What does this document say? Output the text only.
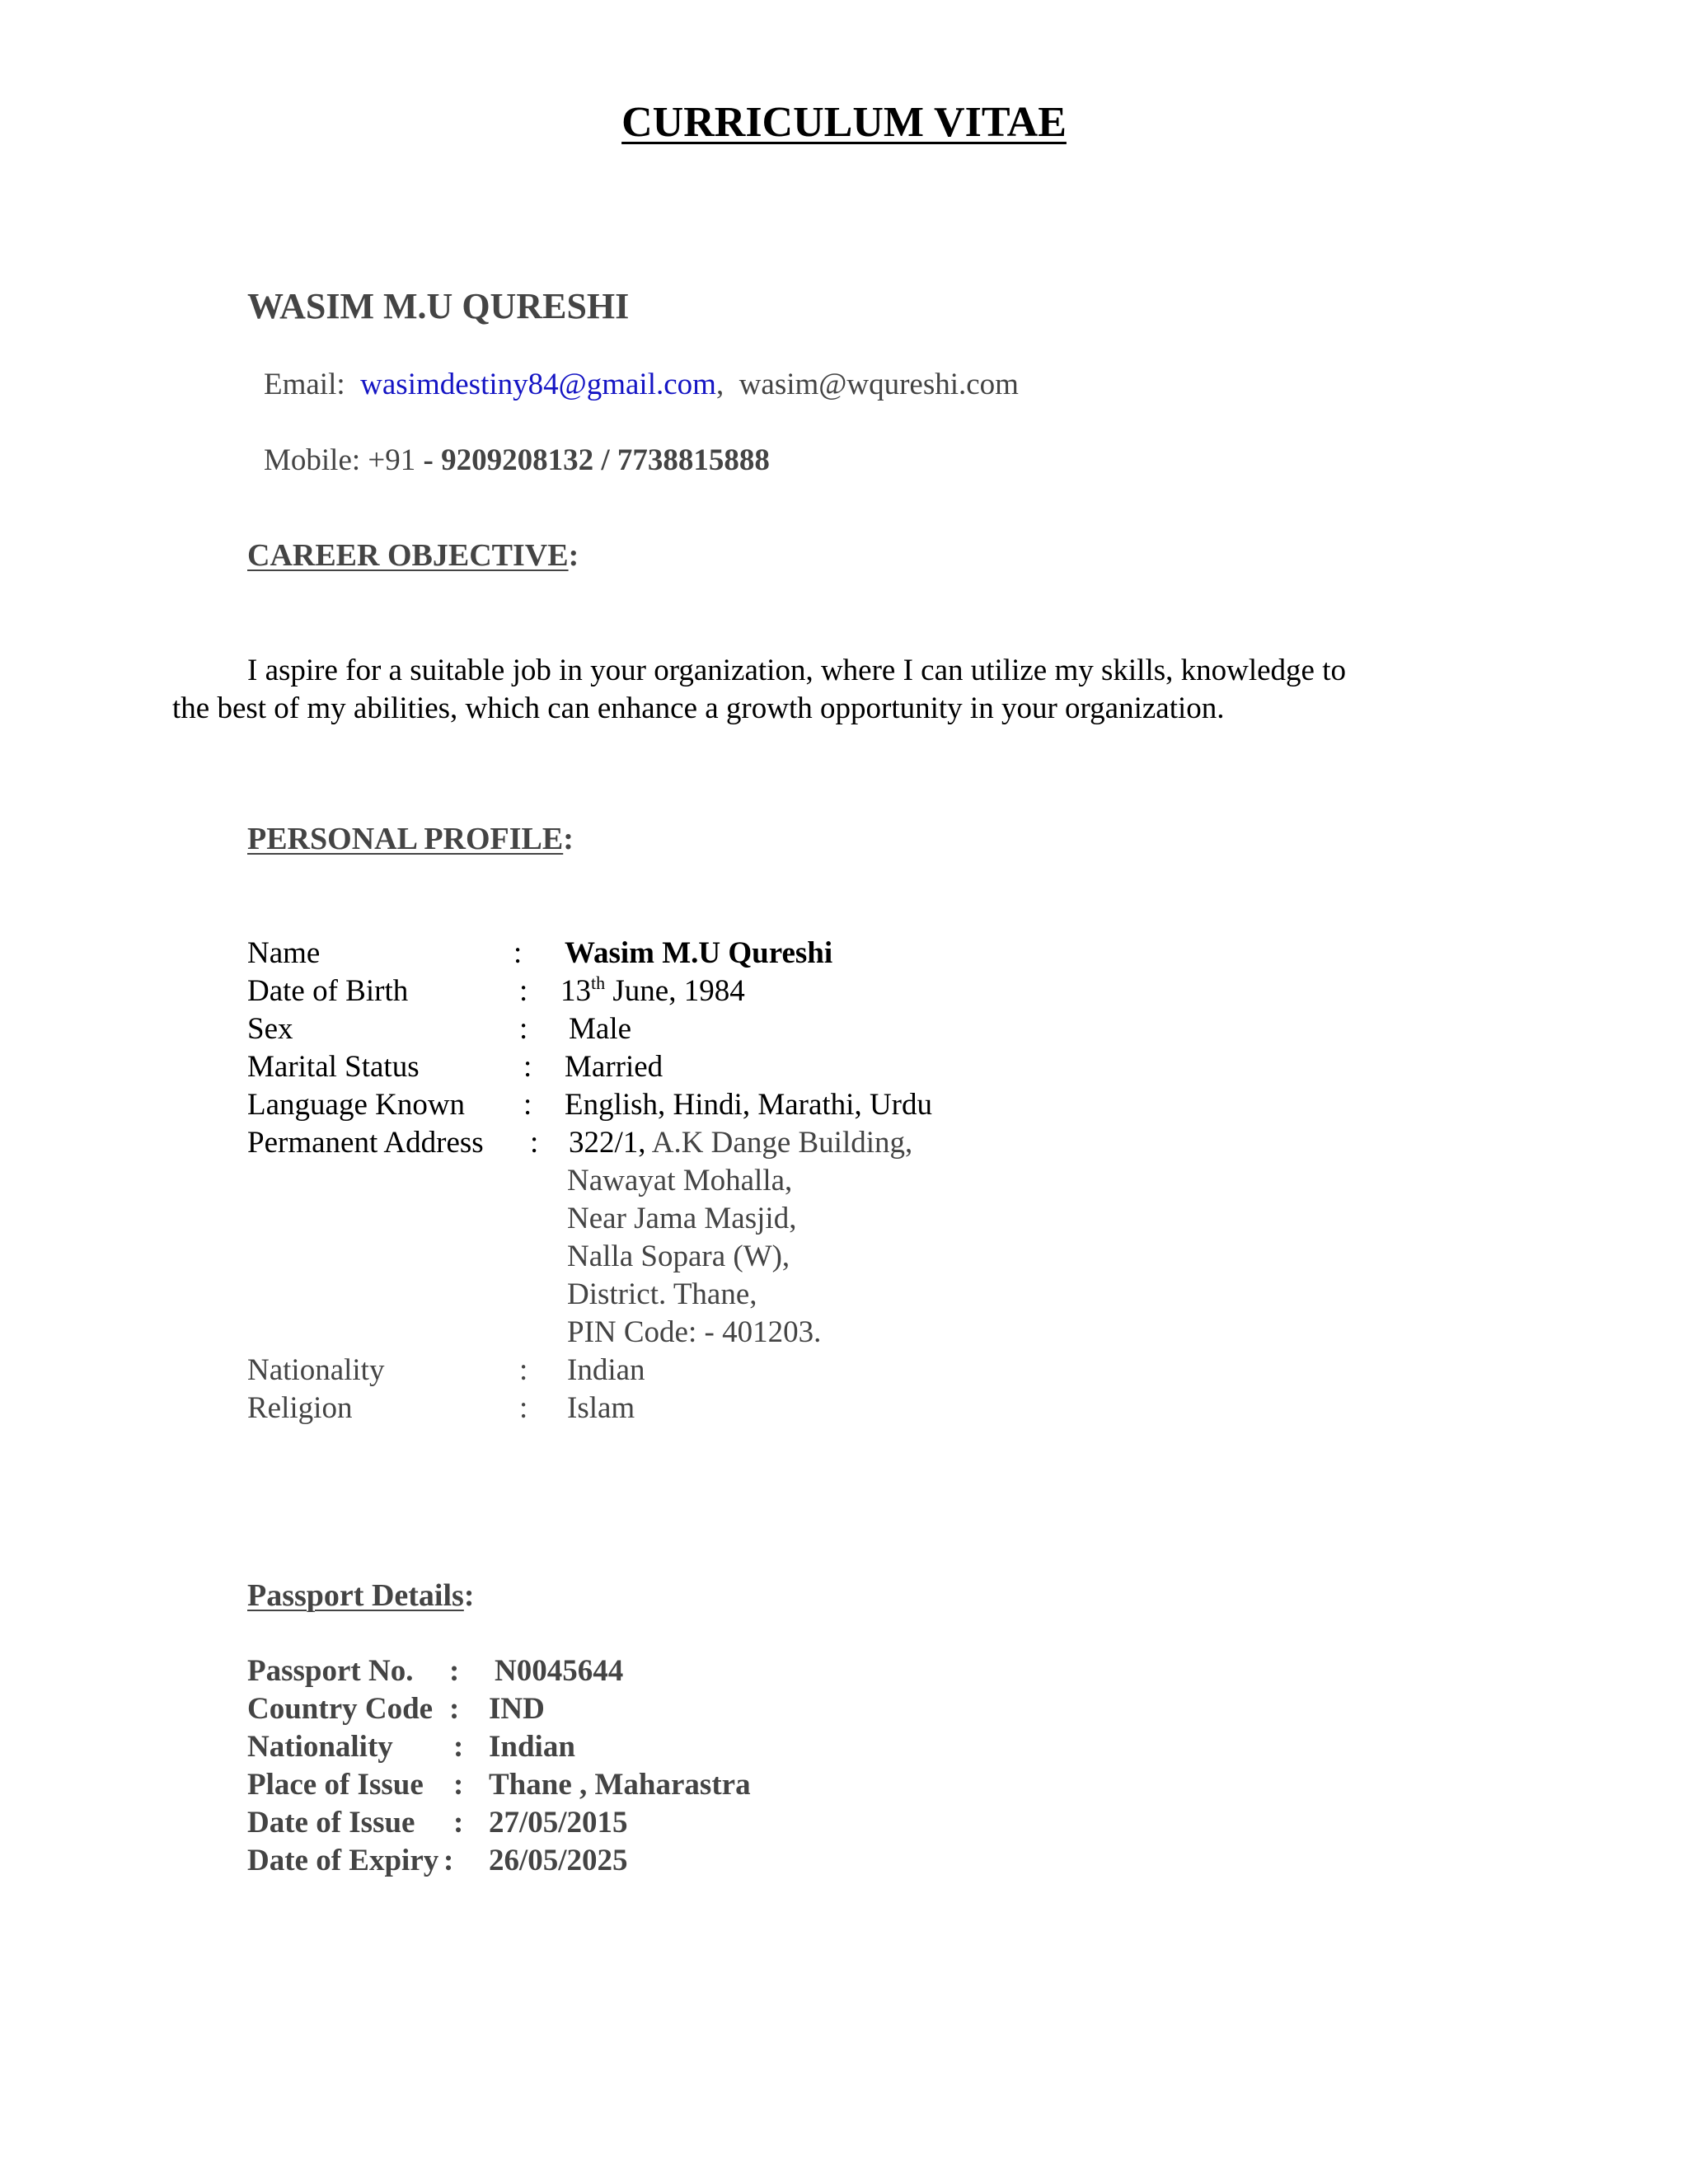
CURRICULUM VITAE
WASIM M.U QURESHI
Email: wasimdestiny84@gmail.com, wasim@wqureshi.com
Mobile: +91 - 9209208132 / 7738815888
CAREER OBJECTIVE:
I aspire for a suitable job in your organization, where I can utilize my skills, knowledge to
the best of my abilities, which can enhance a growth opportunity in your organization.
PERSONAL PROFILE:
Name	: Wasim M.U Qureshi
Date of Birth	: 13th June, 1984
Sex	: Male
Marital Status	: Married
Language Known : English, Hindi, Marathi, Urdu
Permanent Address : 322/1, A.K Dange Building,
Nawayat Mohalla,
Near Jama Masjid,
Nalla Sopara (W),
District. Thane,
PIN Code: - 401203.
Nationality	: Indian
Religion	: Islam
Passport Details:
Passport No. : N0045644
Country Code : IND
Nationality : Indian
Place of Issue : Thane , Maharastra
Date of Issue : 27/05/2015
Date of Expiry : 26/05/2025
